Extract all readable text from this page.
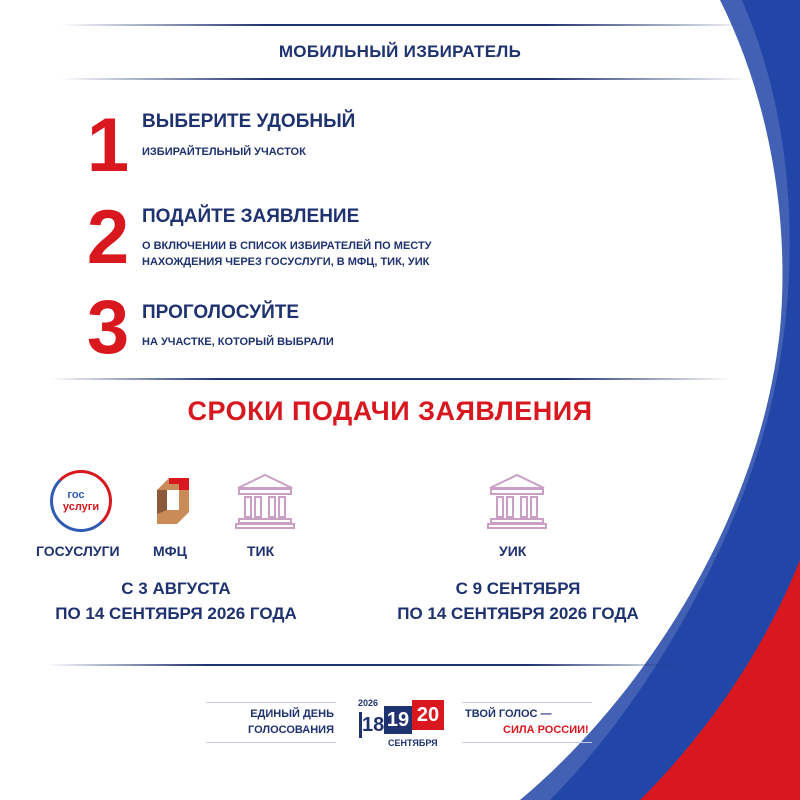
МОБИЛЬНЫЙ ИЗБИРАТЕЛЬ
1 ВЫБЕРИТЕ УДОБНЫЙ
ИЗБИРАЙТЕЛЬНЫЙ УЧАСТОК
2 ПОДАЙТЕ ЗАЯВЛЕНИЕ
О ВКЛЮЧЕНИИ В СПИСОК ИЗБИРАТЕЛЕЙ ПО МЕСТУ
НАХОЖДЕНИЯ ЧЕРЕЗ ГОСУСЛУГИ, В МФЦ, ТИК, УИК
3 ПРОГОЛОСУЙТЕ
НА УЧАСТКЕ, КОТОРЫЙ ВЫБРАЛИ
СРОКИ ПОДАЧИ ЗАЯВЛЕНИЯ
гос
услуги
ГОСУСЛУГИ МФЦ	ТИК	УИК
С 3 АВГУСТА
ПО 14 СЕНТЯБРЯ 2026 ГОДА
С 9 СЕНТЯБРЯ
ПО 14 СЕНТЯБРЯ 2026 ГОДА
ЕДИНЫЙ ДЕНЬ
ГОЛОСОВАНИЯ
2026
18 19 20
СЕНТЯБРЯ
ТВОЙ ГОЛОС —
СИЛА РОССИИ!
